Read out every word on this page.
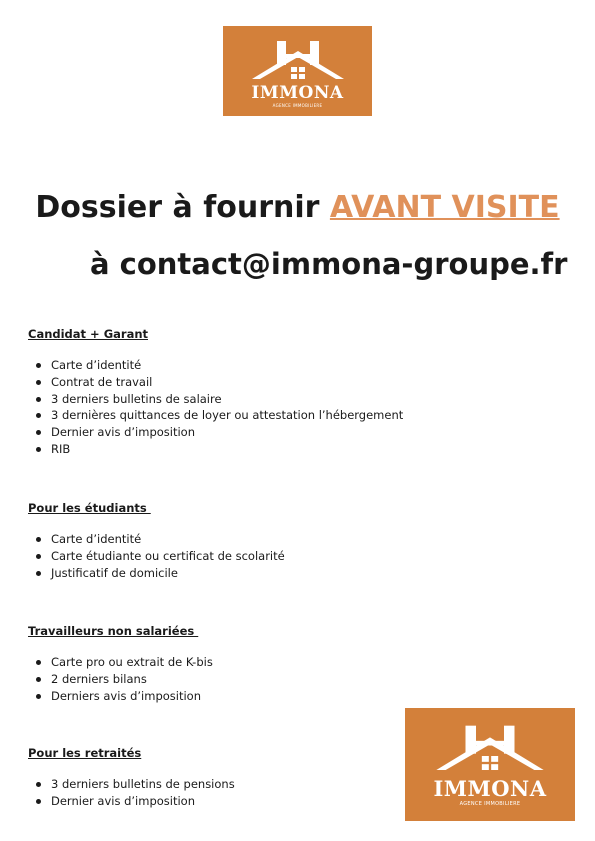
IMMONA
AGENCE IMMOBILIERE
Dossier à fournir AVANT VISITE

à contact@immona-groupe.fr

Candidat + Garant
Carte d’identité
Contrat de travail
3 derniers bulletins de salaire
3 dernières quittances de loyer ou attestation l’hébergement
Dernier avis d’imposition
RIB
Pour les étudiants
Carte d’identité
Carte étudiante ou certificat de scolarité
Justificatif de domicile
Travailleurs non salariées
Carte pro ou extrait de K-bis
2 derniers bilans
Derniers avis d’imposition
Pour les retraités
3 derniers bulletins de pensions
Dernier avis d’imposition	IMMONA
AGENCE IMMOBILIERE
